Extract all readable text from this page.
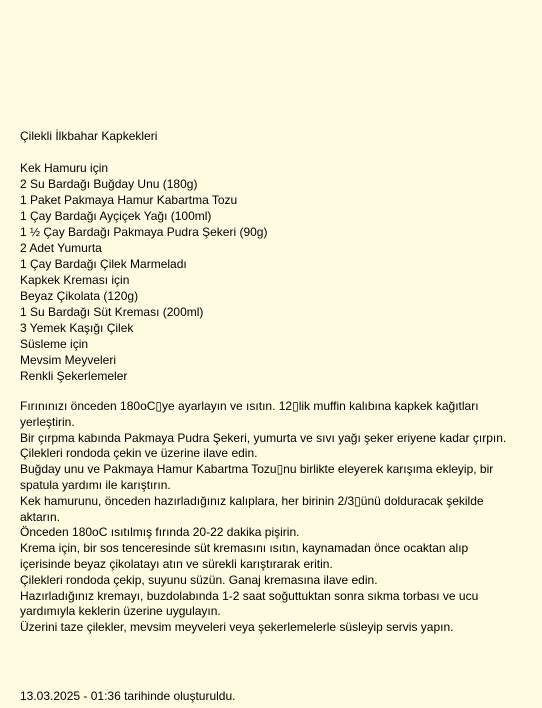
Çilekli İlkbahar Kapkekleri
Kek Hamuru için
2 Su Bardağı Buğday Unu (180g)
1 Paket Pakmaya Hamur Kabartma Tozu
1 Çay Bardağı Ayçiçek Yağı (100ml)
1 ½ Çay Bardağı Pakmaya Pudra Şekeri (90g)
2 Adet Yumurta
1 Çay Bardağı Çilek Marmeladı
Kapkek Kreması için
Beyaz Çikolata (120g)
1 Su Bardağı Süt Kreması (200ml)
3 Yemek Kaşığı Çilek
Süsleme için
Mevsim Meyveleri
Renkli Şekerlemeler
Fırınınızı önceden 180oC▯ye ayarlayın ve ısıtın. 12▯lik muffin kalıbına kapkek kağıtları yerleştirin.
Bir çırpma kabında Pakmaya Pudra Şekeri, yumurta ve sıvı yağı şeker eriyene kadar çırpın. Çilekleri rondoda çekin ve üzerine ilave edin.
Buğday unu ve Pakmaya Hamur Kabartma Tozu▯nu birlikte eleyerek karışıma ekleyip, bir spatula yardımı ile karıştırın.
Kek hamurunu, önceden hazırladığınız kalıplara, her birinin 2/3▯ünü dolduracak şekilde aktarın.
Önceden 180oC ısıtılmış fırında 20-22 dakika pişirin.
Krema için, bir sos tenceresinde süt kremasını ısıtın, kaynamadan önce ocaktan alıp içerisinde beyaz çikolatayı atın ve sürekli karıştırarak eritin.
Çilekleri rondoda çekip, suyunu süzün. Ganaj kremasına ilave edin.
Hazırladığınız kremayı, buzdolabında 1-2 saat soğuttuktan sonra sıkma torbası ve ucu yardımıyla keklerin üzerine uygulayın.
Üzerini taze çilekler, mevsim meyveleri veya şekerlemelerle süsleyip servis yapın.
13.03.2025 - 01:36 tarihinde oluşturuldu.
